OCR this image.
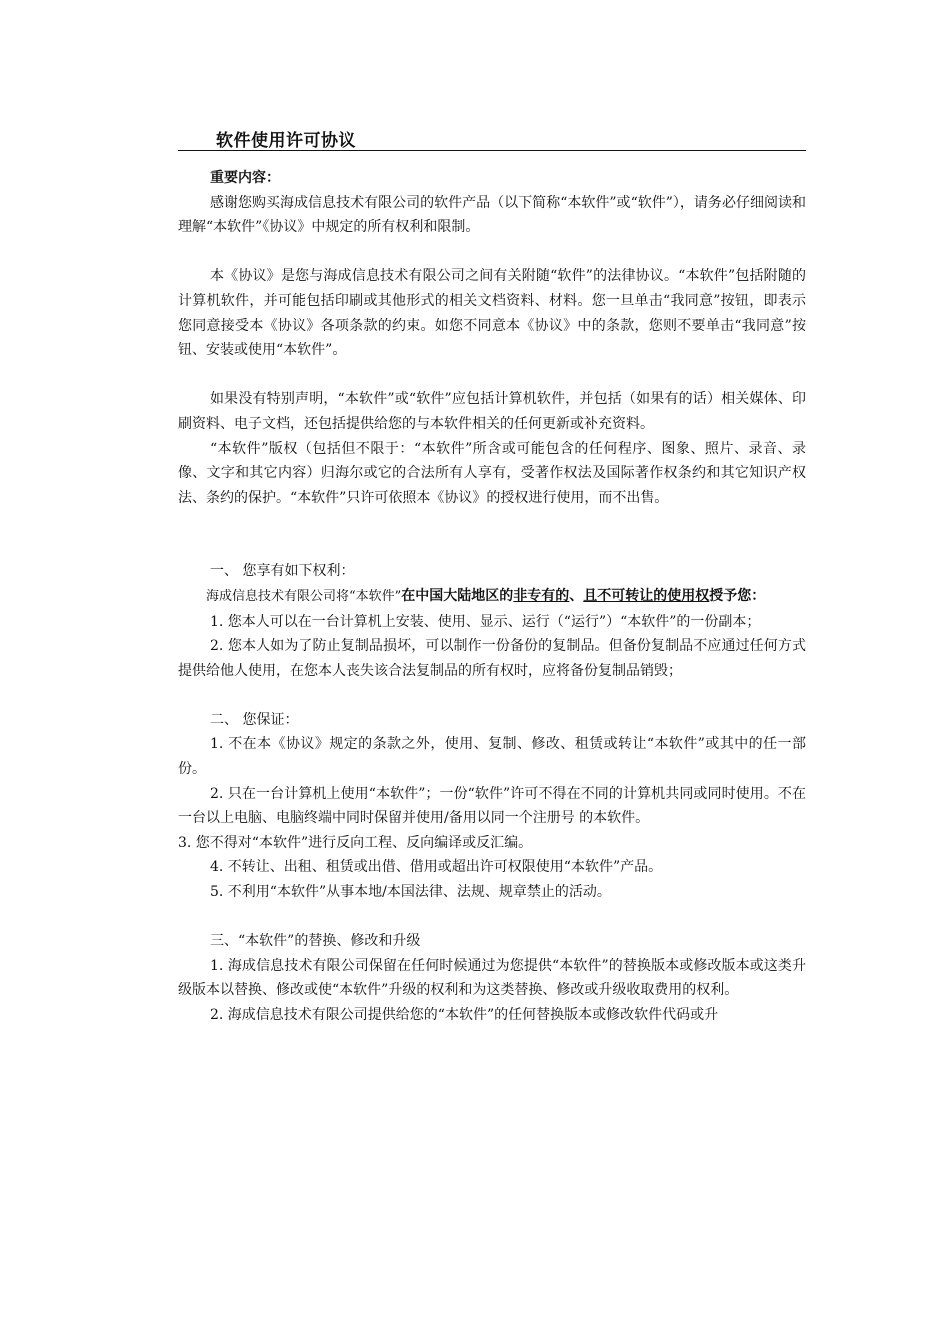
软件使用许可协议

重要内容：

感谢您购买海成信息技术有限公司的软件产品（以下简称“本软件”或“软件”），请务必仔细阅读和理解“本软件”《协议》中规定的所有权利和限制。

本《协议》是您与海成信息技术有限公司之间有关附随“软件”的法律协议。“本软件”包括附随的计算机软件，并可能包括印刷或其他形式的相关文档资料、材料。您一旦单击“我同意”按钮，即表示您同意接受本《协议》各项条款的约束。如您不同意本《协议》中的条款，您则不要单击“我同意”按钮、安装或使用“本软件”。

如果没有特别声明，“本软件”或“软件”应包括计算机软件，并包括（如果有的话）相关媒体、印刷资料、电子文档，还包括提供给您的与本软件相关的任何更新或补充资料。

“本软件”版权（包括但不限于：“本软件”所含或可能包含的任何程序、图象、照片、录音、录像、文字和其它内容）归海尔或它的合法所有人享有，受著作权法及国际著作权条约和其它知识产权法、条约的保护。“本软件”只许可依照本《协议》的授权进行使用，而不出售。

一、 您享有如下权利：

海成信息技术有限公司将“本软件”在中国大陆地区的非专有的、且不可转让的使用权授予您：

1. 您本人可以在一台计算机上安装、使用、显示、运行（“运行”）“本软件”的一份副本；

2. 您本人如为了防止复制品损坏，可以制作一份备份的复制品。但备份复制品不应通过任何方式提供给他人使用，在您本人丧失该合法复制品的所有权时，应将备份复制品销毁；

二、 您保证：

1. 不在本《协议》规定的条款之外，使用、复制、修改、租赁或转让“本软件”或其中的任一部份。

2. 只在一台计算机上使用“本软件”；一份“软件”许可不得在不同的计算机共同或同时使用。不在一台以上电脑、电脑终端中同时保留并使用/备用以同一个注册号 的本软件。

3. 您不得对“本软件”进行反向工程、反向编译或反汇编。

4. 不转让、出租、租赁或出借、借用或超出许可权限使用“本软件”产品。

5. 不利用“本软件”从事本地/本国法律、法规、规章禁止的活动。

三、“本软件”的替换、修改和升级

1. 海成信息技术有限公司保留在任何时候通过为您提供“本软件”的替换版本或修改版本或这类升级版本以替换、修改或使“本软件”升级的权利和为这类替换、修改或升级收取费用的权利。

2. 海成信息技术有限公司提供给您的“本软件”的任何替换版本或修改软件代码或升
